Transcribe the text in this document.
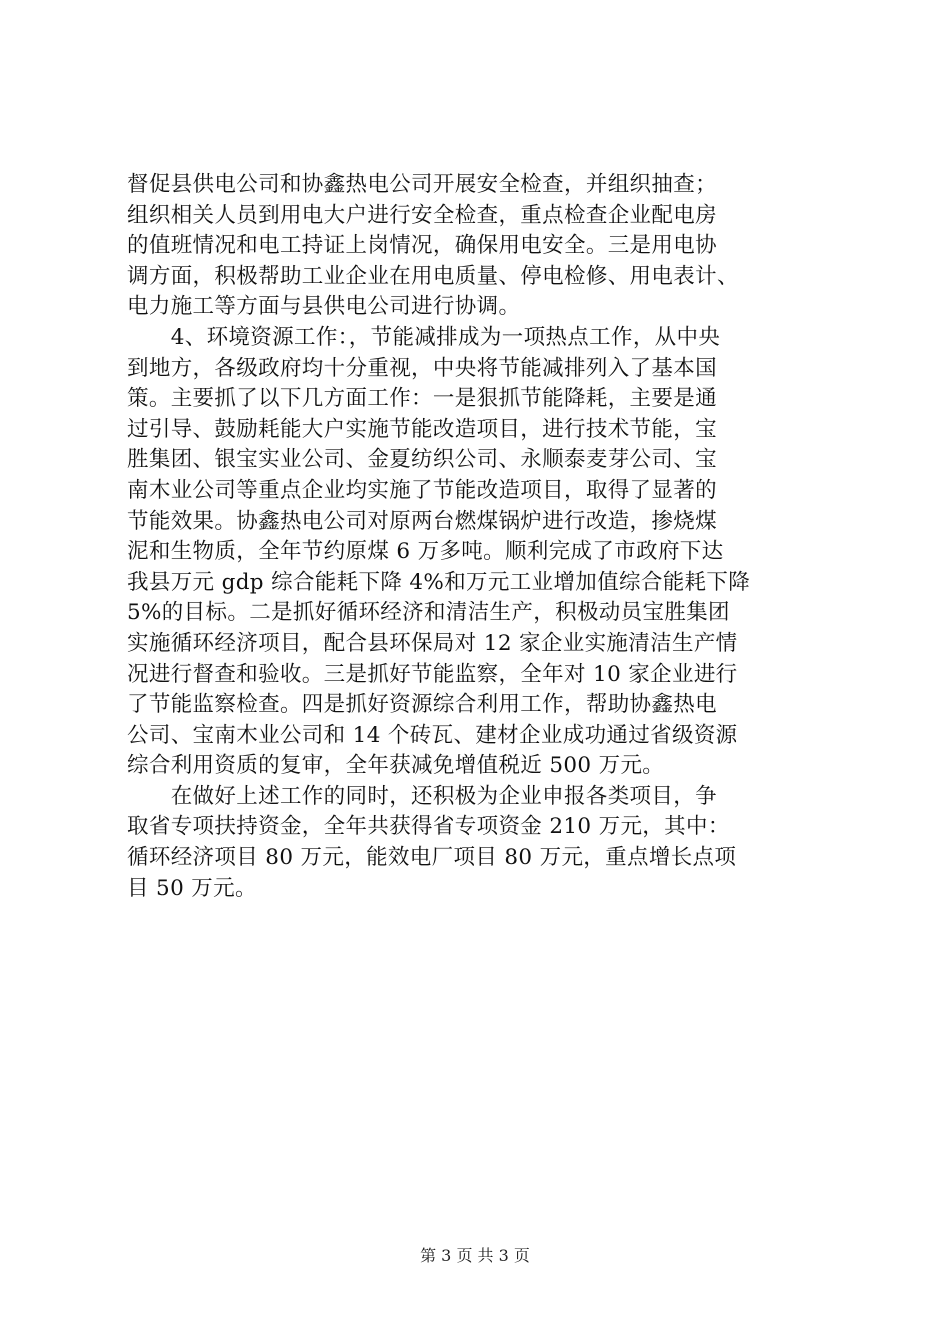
督促县供电公司和协鑫热电公司开展安全检查，并组织抽查；
组织相关人员到用电大户进行安全检查，重点检查企业配电房
的值班情况和电工持证上岗情况，确保用电安全。三是用电协
调方面，积极帮助工业企业在用电质量、停电检修、用电表计、
电力施工等方面与县供电公司进行协调。
　　4、环境资源工作：，节能减排成为一项热点工作，从中央
到地方，各级政府均十分重视，中央将节能减排列入了基本国
策。主要抓了以下几方面工作：一是狠抓节能降耗，主要是通
过引导、鼓励耗能大户实施节能改造项目，进行技术节能，宝
胜集团、银宝实业公司、金夏纺织公司、永顺泰麦芽公司、宝
南木业公司等重点企业均实施了节能改造项目，取得了显著的
节能效果。协鑫热电公司对原两台燃煤锅炉进行改造，掺烧煤
泥和生物质，全年节约原煤 6 万多吨。顺利完成了市政府下达
我县万元 gdp 综合能耗下降 4%和万元工业增加值综合能耗下降
5%的目标。二是抓好循环经济和清洁生产，积极动员宝胜集团
实施循环经济项目，配合县环保局对 12 家企业实施清洁生产情
况进行督查和验收。三是抓好节能监察，全年对 10 家企业进行
了节能监察检查。四是抓好资源综合利用工作，帮助协鑫热电
公司、宝南木业公司和 14 个砖瓦、建材企业成功通过省级资源
综合利用资质的复审，全年获减免增值税近 500 万元。
　　在做好上述工作的同时，还积极为企业申报各类项目，争
取省专项扶持资金，全年共获得省专项资金 210 万元，其中：
循环经济项目 80 万元，能效电厂项目 80 万元，重点增长点项
目 50 万元。
第 3 页 共 3 页
